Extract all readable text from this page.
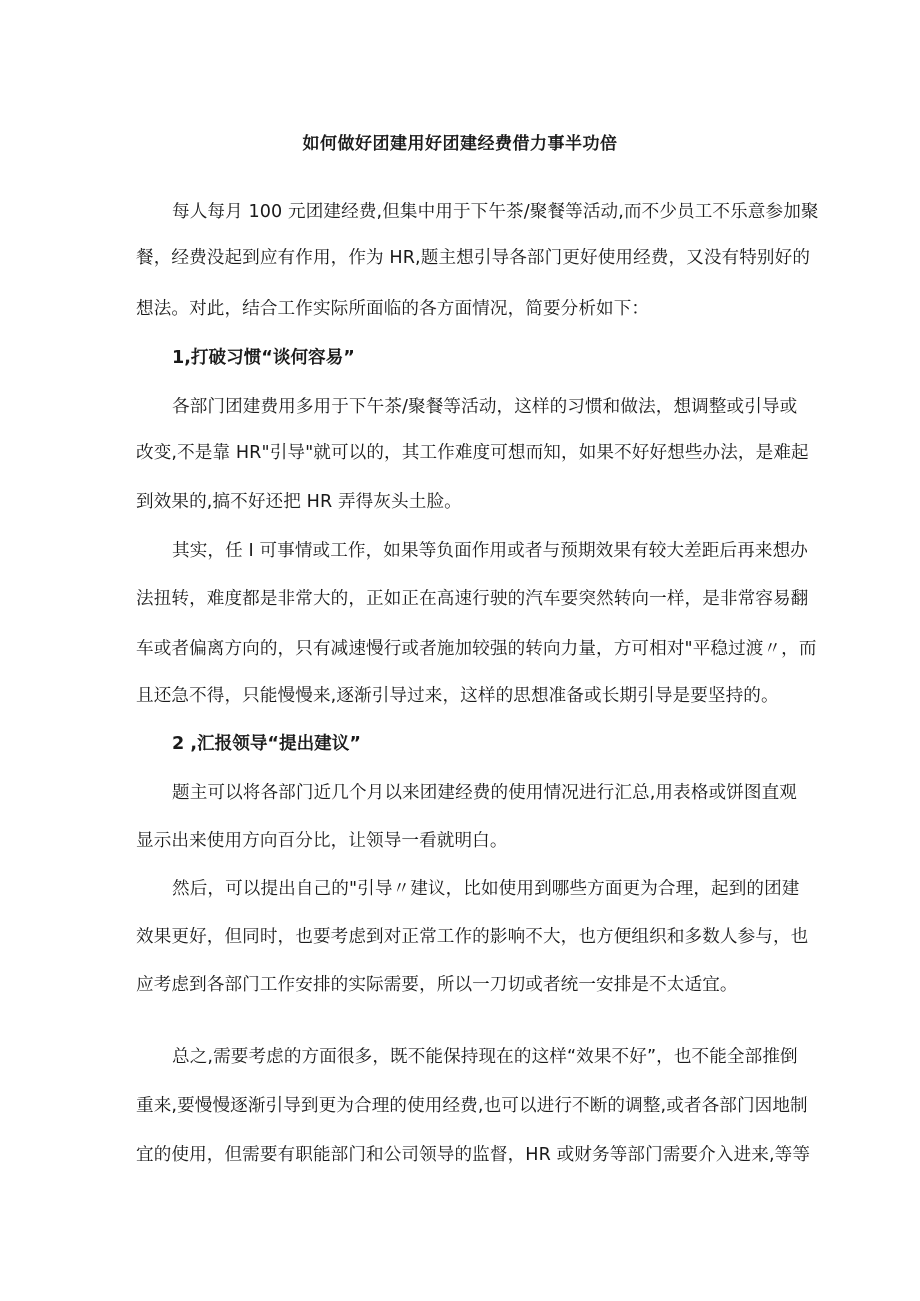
如何做好团建用好团建经费借力事半功倍
每人每月 100 元团建经费,但集中用于下午茶/聚餐等活动,而不少员工不乐意参加聚
餐，经费没起到应有作用，作为 HR,题主想引导各部门更好使用经费，又没有特别好的
想法。对此，结合工作实际所面临的各方面情况，简要分析如下：
1,打破习惯“谈何容易”
各部门团建费用多用于下午茶/聚餐等活动，这样的习惯和做法，想调整或引导或
改变,不是靠 HR"引导"就可以的，其工作难度可想而知，如果不好好想些办法，是难起
到效果的,搞不好还把 HR 弄得灰头土脸。
其实，任 I 可事情或工作，如果等负面作用或者与预期效果有较大差距后再来想办
法扭转，难度都是非常大的，正如正在高速行驶的汽车要突然转向一样，是非常容易翻
车或者偏离方向的，只有减速慢行或者施加较强的转向力量，方可相对"平稳过渡〃，而
且还急不得，只能慢慢来,逐渐引导过来，这样的思想准备或长期引导是要坚持的。
2 ,汇报领导“提出建议”
题主可以将各部门近几个月以来团建经费的使用情况进行汇总,用表格或饼图直观
显示出来使用方向百分比，让领导一看就明白。
然后，可以提出自己的"引导〃建议，比如使用到哪些方面更为合理，起到的团建
效果更好，但同时，也要考虑到对正常工作的影响不大，也方便组织和多数人参与，也
应考虑到各部门工作安排的实际需要，所以一刀切或者统一安排是不太适宜。
总之,需要考虑的方面很多，既不能保持现在的这样“效果不好”，也不能全部推倒
重来,要慢慢逐渐引导到更为合理的使用经费,也可以进行不断的调整,或者各部门因地制
宜的使用，但需要有职能部门和公司领导的监督，HR 或财务等部门需要介入进来,等等
